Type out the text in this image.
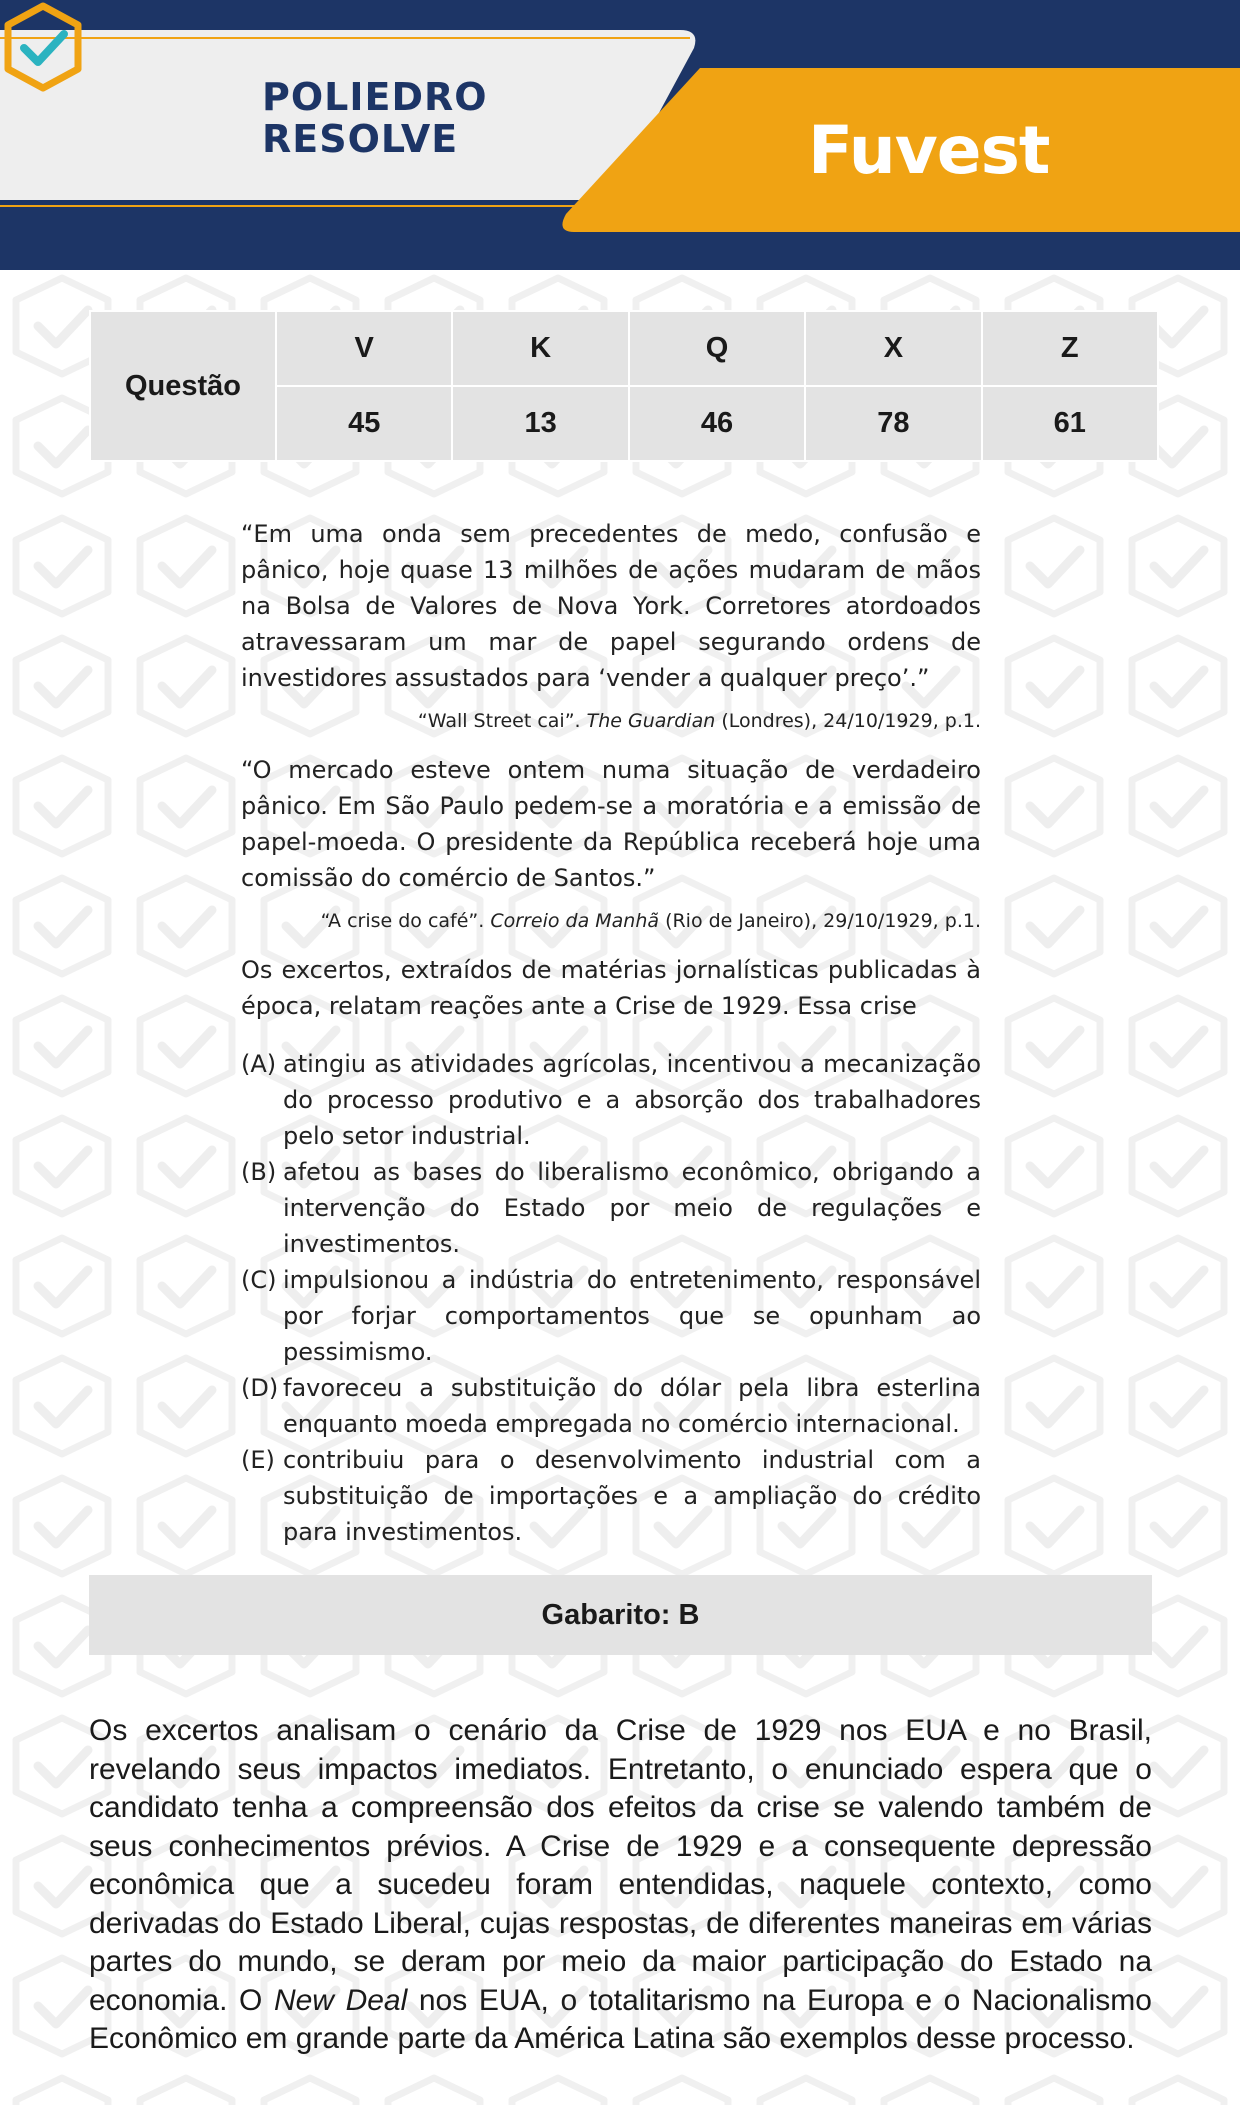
POLIEDRO
RESOLVE	Fuvest
Questão	V	K	Q	X	Z
	45	13	46	78	61

“Em uma onda sem precedentes de medo, confusão e pânico, hoje quase 13 milhões de ações mudaram de mãos na Bolsa de Valores de Nova York. Corretores atordoados atravessaram um mar de papel segurando ordens de investidores assustados para ‘vender a qualquer preço’.”

“Wall Street cai”. The Guardian (Londres), 24/10/1929, p.1.

“O mercado esteve ontem numa situação de verdadeiro pânico. Em São Paulo pedem-se a moratória e a emissão de papel-moeda. O presidente da República receberá hoje uma comissão do comércio de Santos.”

“A crise do café”. Correio da Manhã (Rio de Janeiro), 29/10/1929, p.1.

Os excertos, extraídos de matérias jornalísticas publicadas à época, relatam reações ante a Crise de 1929. Essa crise

(A) atingiu as atividades agrícolas, incentivou a mecanização do processo produtivo e a absorção dos trabalhadores pelo setor industrial.
(B) afetou as bases do liberalismo econômico, obrigando a intervenção do Estado por meio de regulações e investimentos.
(C) impulsionou a indústria do entretenimento, responsável por forjar comportamentos que se opunham ao pessimismo.
(D) favoreceu a substituição do dólar pela libra esterlina enquanto moeda empregada no comércio internacional.
(E) contribuiu para o desenvolvimento industrial com a substituição de importações e a ampliação do crédito para investimentos.
Gabarito: B

Os excertos analisam o cenário da Crise de 1929 nos EUA e no Brasil, revelando seus impactos imediatos. Entretanto, o enunciado espera que o candidato tenha a compreensão dos efeitos da crise se valendo também de seus conhecimentos prévios. A Crise de 1929 e a consequente depressão econômica que a sucedeu foram entendidas, naquele contexto, como derivadas do Estado Liberal, cujas respostas, de diferentes maneiras em várias partes do mundo, se deram por meio da maior participação do Estado na economia. O New Deal nos EUA, o totalitarismo na Europa e o Nacionalismo Econômico em grande parte da América Latina são exemplos desse processo.
